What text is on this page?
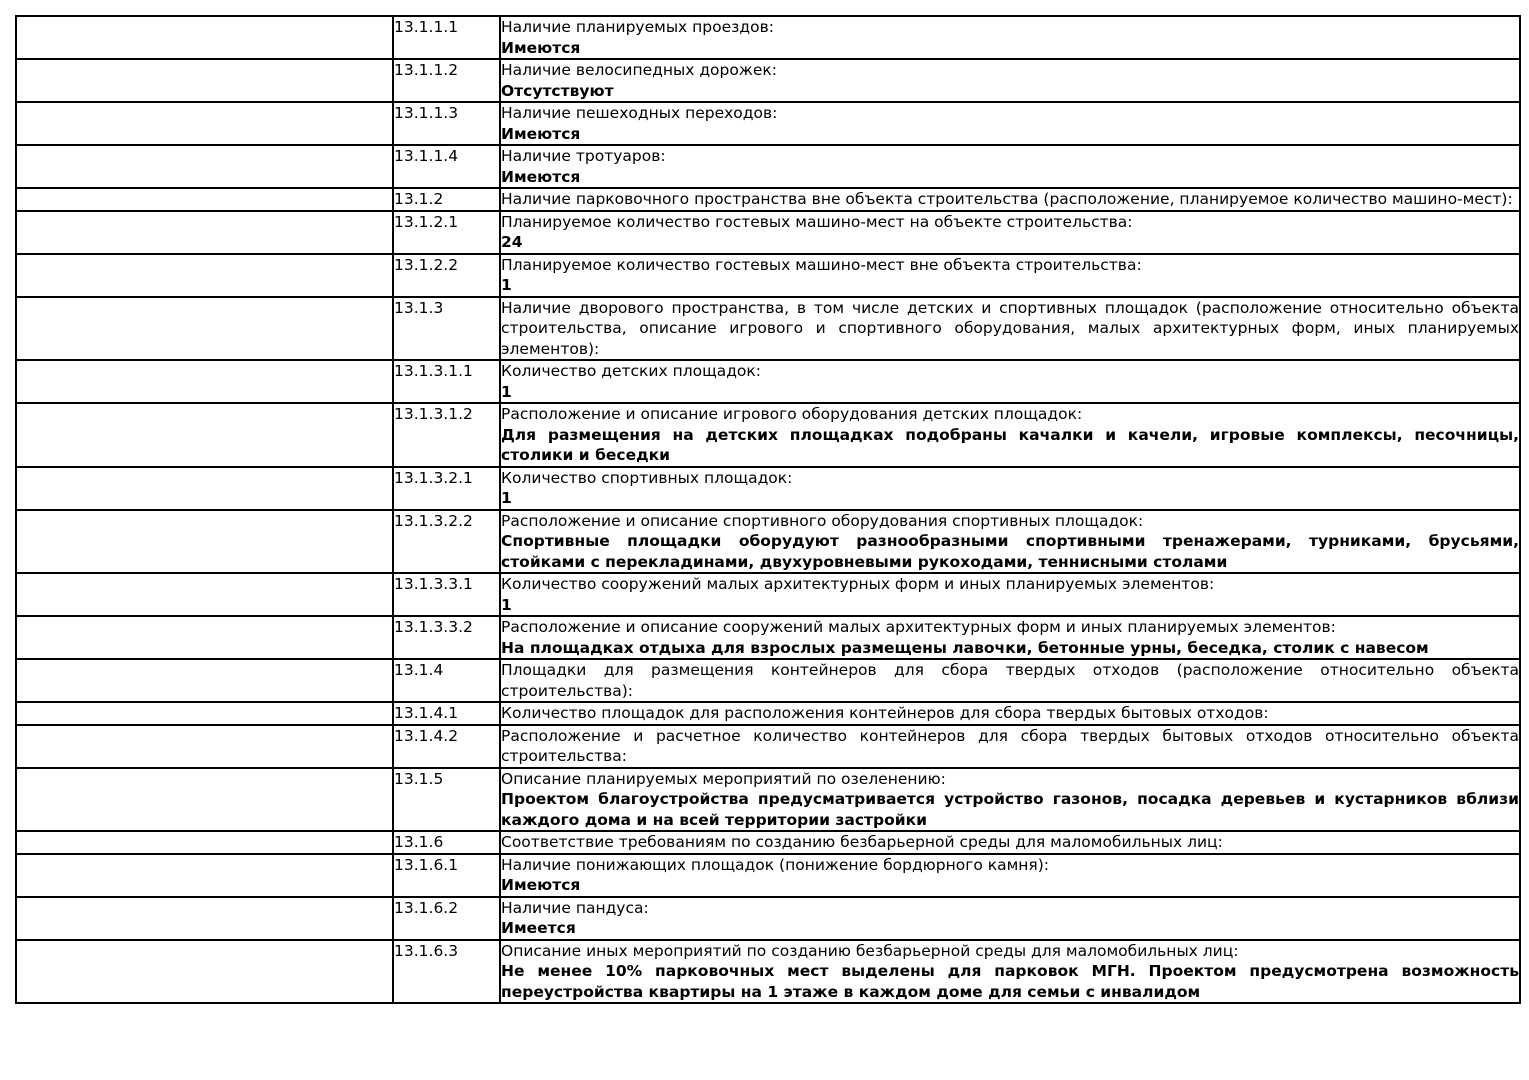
	13.1.1.1	Наличие планируемых проездов:
Имеются

	13.1.1.2	Наличие велосипедных дорожек:
Отсутствуют

	13.1.1.3	Наличие пешеходных переходов:
Имеются

	13.1.1.4	Наличие тротуаров:
Имеются

	13.1.2	Наличие парковочного пространства вне объекта строительства (расположение, планируемое количество машино-мест):

	13.1.2.1	Планируемое количество гостевых машино-мест на объекте строительства:
24

	13.1.2.2	Планируемое количество гостевых машино-мест вне объекта строительства:
1

	13.1.3	Наличие дворового пространства, в том числе детских и спортивных площадок (расположение относительно объекта строительства, описание игрового и спортивного оборудования, малых архитектурных форм, иных планируемых элементов):

	13.1.3.1.1	Количество детских площадок:
1

	13.1.3.1.2	Расположение и описание игрового оборудования детских площадок:
Для размещения на детских площадках подобраны качалки и качели, игровые комплексы, песочницы, столики и беседки

	13.1.3.2.1	Количество спортивных площадок:
1

	13.1.3.2.2	Расположение и описание спортивного оборудования спортивных площадок:
Спортивные площадки оборудуют разнообразными спортивными тренажерами, турниками, брусьями, стойками с перекладинами, двухуровневыми рукоходами, теннисными столами

	13.1.3.3.1	Количество сооружений малых архитектурных форм и иных планируемых элементов:
1

	13.1.3.3.2	Расположение и описание сооружений малых архитектурных форм и иных планируемых элементов:
На площадках отдыха для взрослых размещены лавочки, бетонные урны, беседка, столик с навесом

	13.1.4	Площадки для размещения контейнеров для сбора твердых отходов (расположение относительно объекта строительства):

	13.1.4.1	Количество площадок для расположения контейнеров для сбора твердых бытовых отходов:

	13.1.4.2	Расположение и расчетное количество контейнеров для сбора твердых бытовых отходов относительно объекта строительства:

	13.1.5	Описание планируемых мероприятий по озеленению:
Проектом благоустройства предусматривается устройство газонов, посадка деревьев и кустарников вблизи каждого дома и на всей территории застройки

	13.1.6	Соответствие требованиям по созданию безбарьерной среды для маломобильных лиц:

	13.1.6.1	Наличие понижающих площадок (понижение бордюрного камня):
Имеются

	13.1.6.2	Наличие пандуса:
Имеется

	13.1.6.3	Описание иных мероприятий по созданию безбарьерной среды для маломобильных лиц:
Не менее 10% парковочных мест выделены для парковок МГН. Проектом предусмотрена возможность переустройства квартиры на 1 этаже в каждом доме для семьи с инвалидом
